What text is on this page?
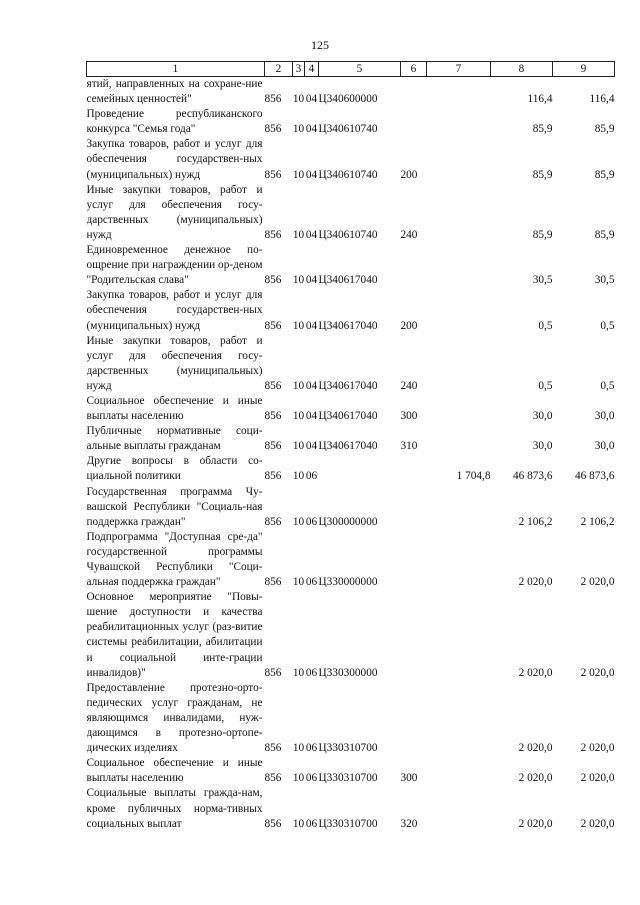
125
1	2	3	4	5	6	7	8	9
ятий, направленных на сохране-ние семейных ценностей"	856	10	04	Ц340600000			116,4	116,4
Проведение республиканского конкурса "Семья года"	856	10	04	Ц340610740			85,9	85,9
Закупка товаров, работ и услуг для обеспечения государствен-ных (муниципальных) нужд	856	10	04	Ц340610740	200		85,9	85,9
Иные закупки товаров, работ и услуг для обеспечения госу-дарственных (муниципальных) нужд	856	10	04	Ц340610740	240		85,9	85,9
Единовременное денежное по-ощрение при награждении ор-деном "Родительская слава"	856	10	04	Ц340617040			30,5	30,5
Закупка товаров, работ и услуг для обеспечения государствен-ных (муниципальных) нужд	856	10	04	Ц340617040	200		0,5	0,5
Иные закупки товаров, работ и услуг для обеспечения госу-дарственных (муниципальных) нужд	856	10	04	Ц340617040	240		0,5	0,5
Социальное обеспечение и иные выплаты населению	856	10	04	Ц340617040	300		30,0	30,0
Публичные нормативные соци-альные выплаты гражданам	856	10	04	Ц340617040	310		30,0	30,0
Другие вопросы в области со-циальной политики	856	10	06			1 704,8	46 873,6	46 873,6
Государственная программа Чу-вашской Республики "Социаль-ная поддержка граждан"	856	10	06	Ц300000000			2 106,2	2 106,2
Подпрограмма "Доступная сре-да" государственной программы Чувашской Республики "Соци-альная поддержка граждан"	856	10	06	Ц330000000			2 020,0	2 020,0
Основное мероприятие "Повы-шение доступности и качества реабилитационных услуг (раз-витие системы реабилитации, абилитации и социальной инте-грации инвалидов)"	856	10	06	Ц330300000			2 020,0	2 020,0
Предоставление протезно-орто-педических услуг гражданам, не являющимся инвалидами, нуж-дающимся в протезно-ортопе-дических изделиях	856	10	06	Ц330310700			2 020,0	2 020,0
Социальное обеспечение и иные выплаты населению	856	10	06	Ц330310700	300		2 020,0	2 020,0
Социальные выплаты гражда-нам, кроме публичных норма-тивных социальных выплат	856	10	06	Ц330310700	320		2 020,0	2 020,0
